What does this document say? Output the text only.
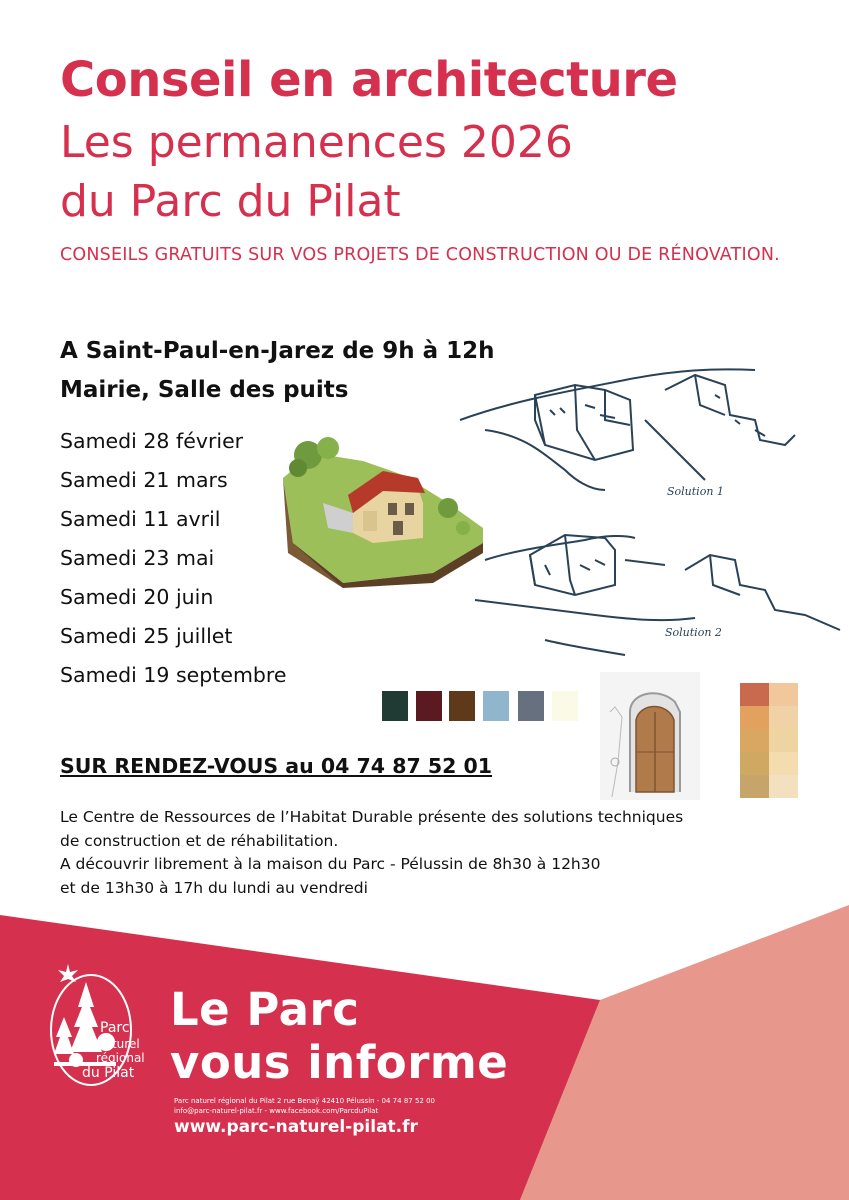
Conseil en architecture
Les permanences 2026
du Parc du Pilat
CONSEILS GRATUITS SUR VOS PROJETS DE CONSTRUCTION OU DE RÉNOVATION.
A Saint-Paul-en-Jarez de 9h à 12h
Mairie, Salle des puits
Samedi 28 février
Samedi 21 mars
Samedi 11 avril
Samedi 23 mai
Samedi 20 juin
Samedi 25 juillet
Samedi 19 septembre
Solution 1
Solution 2
SUR RENDEZ-VOUS au 04 74 87 52 01
Le Centre de Ressources de l’Habitat Durable présente des solutions techniques
de construction et de réhabilitation.
A découvrir librement à la maison du Parc - Pélussin de 8h30 à 12h30
et de 13h30 à 17h du lundi au vendredi
Parc
naturel
régional
du Pilat
Le Parc
vous informe
Parc naturel régional du Pilat 2 rue Benaÿ 42410 Pélussin - 04 74 87 52 00
info@parc-naturel-pilat.fr - www.facebook.com/ParcduPilat
www.parc-naturel-pilat.fr
